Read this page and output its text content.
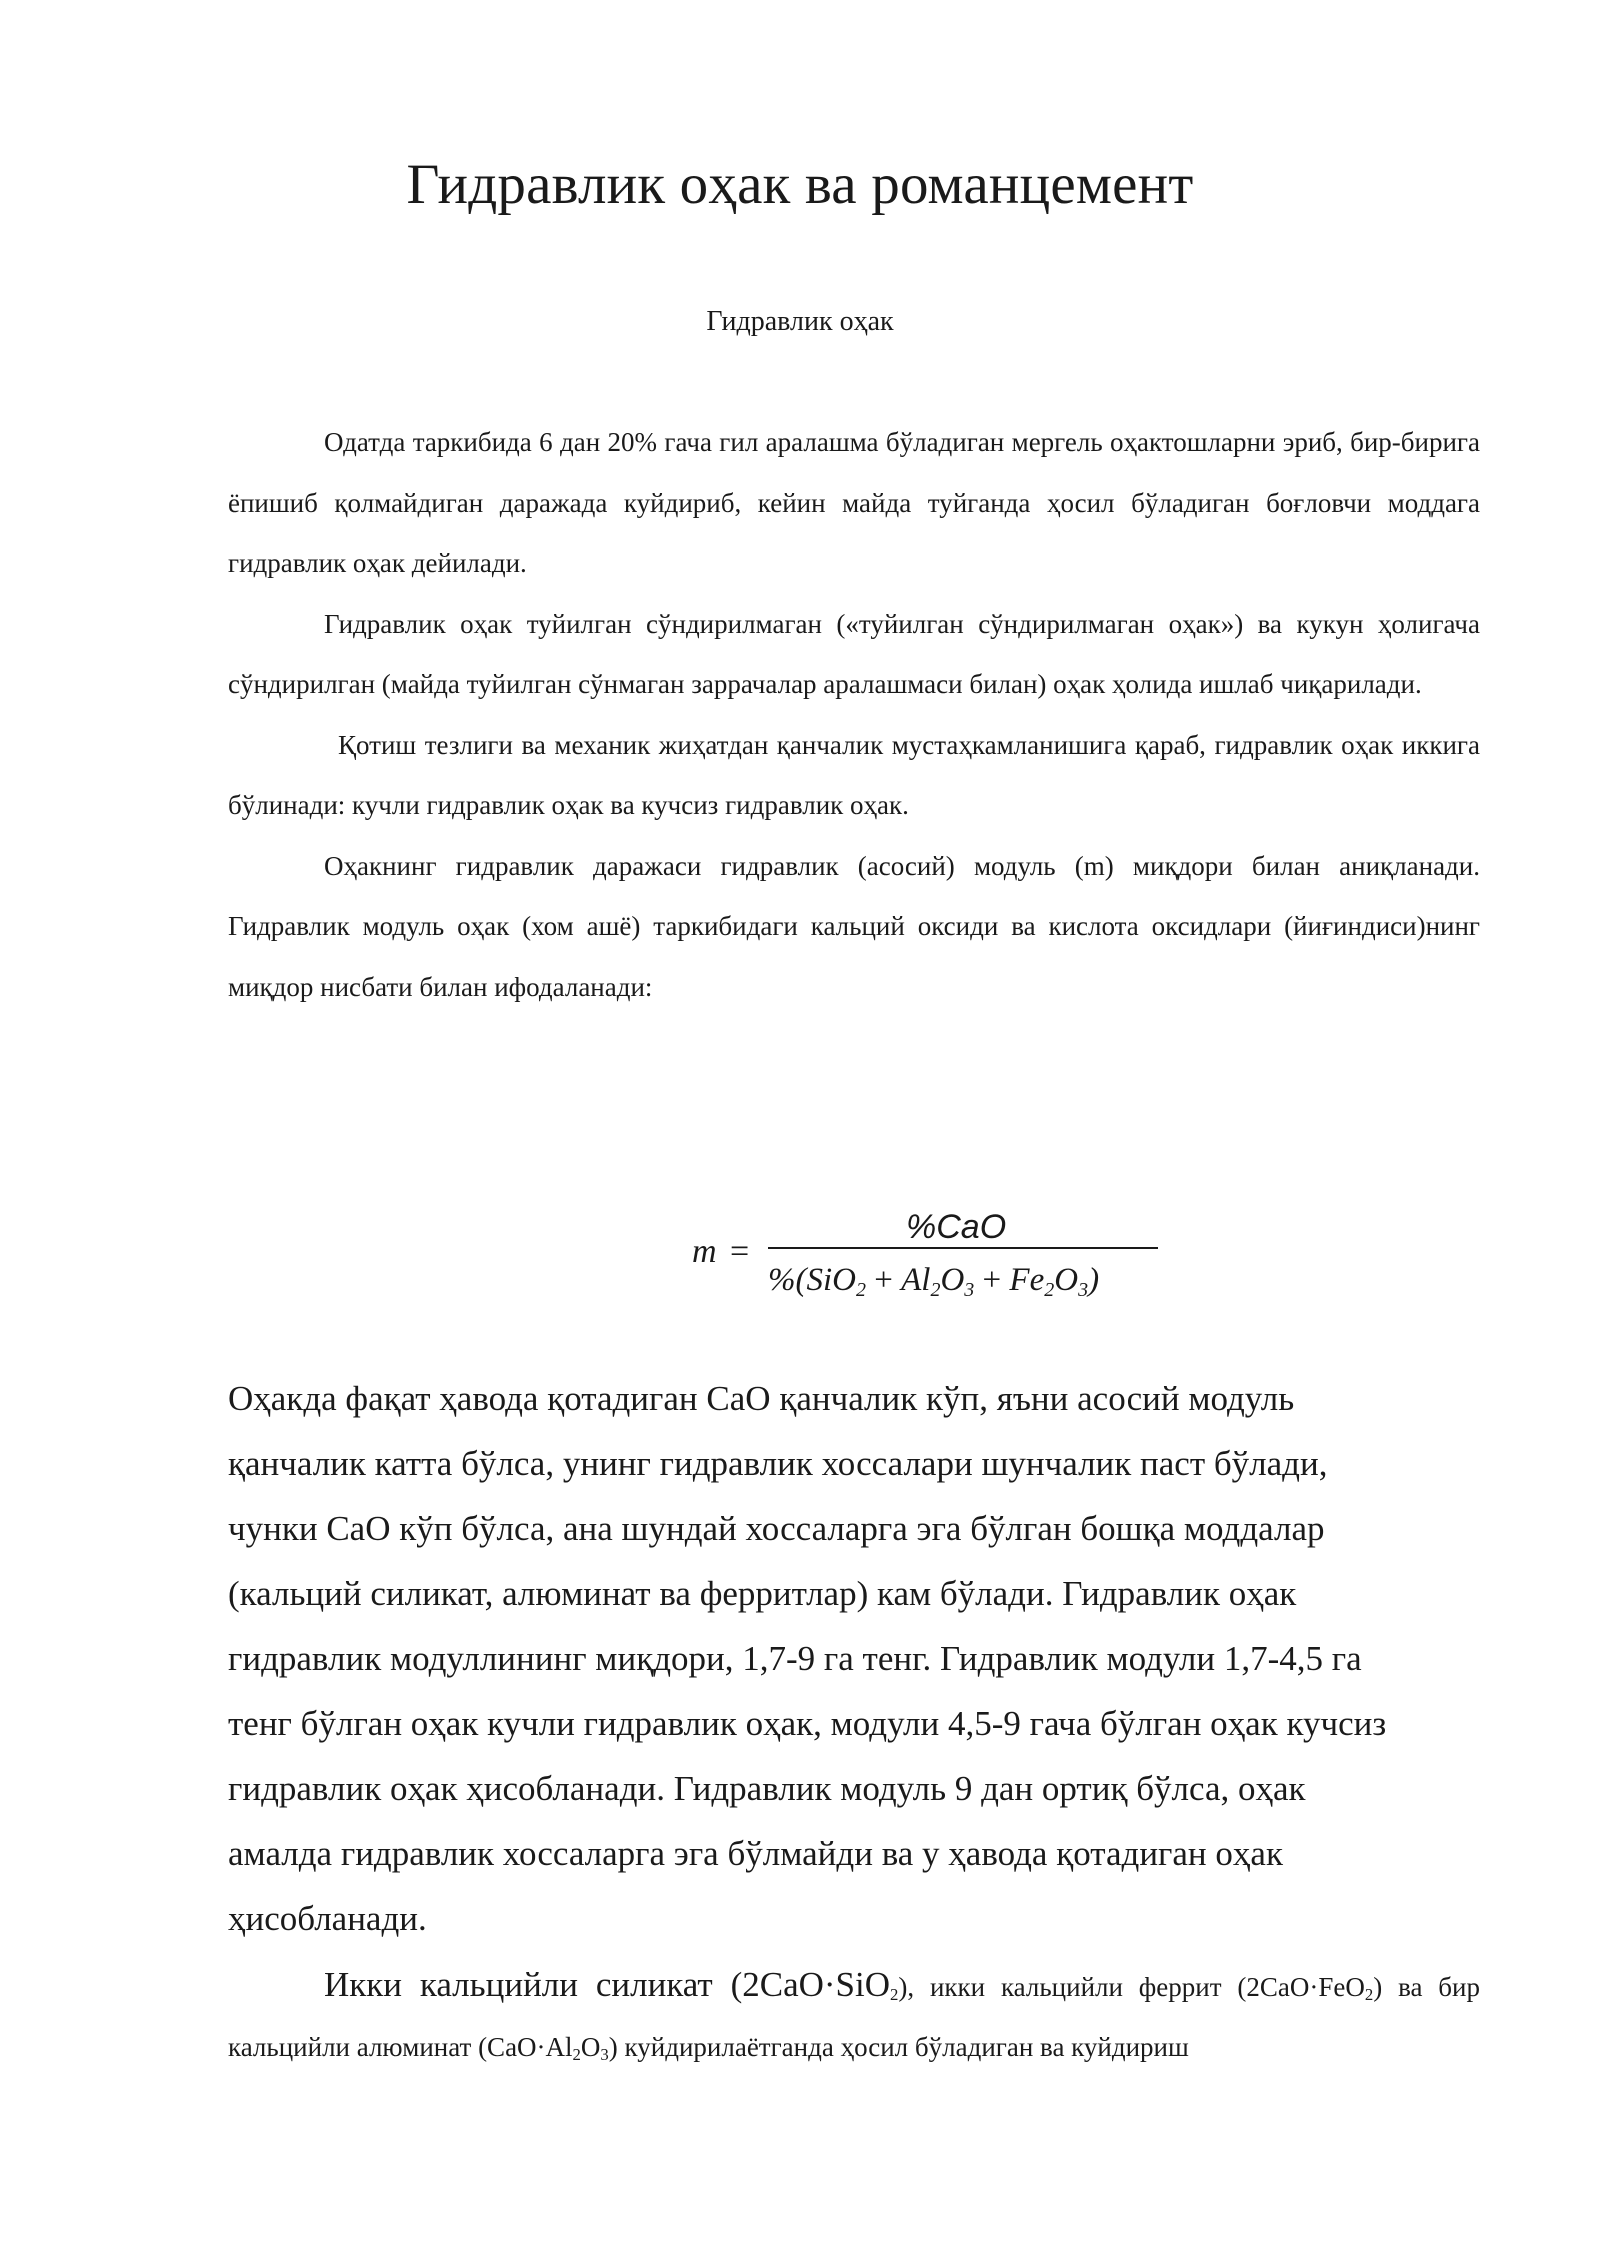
Гидравлик оҳак ва романцемент
Гидравлик оҳак

Одатда таркибида 6 дан 20% гача гил аралашма бўладиган мергель оҳактошларни эриб, бир-бирига ёпишиб қолмайдиган даражада куйдириб, кейин майда туйганда ҳосил бўладиган боғловчи моддага гидравлик оҳак дейилади.

Гидравлик оҳак туйилган сўндирилмаган («туйилган сўндирилмаган оҳак») ва кукун ҳолигача сўндирилган (майда туйилган сўнмаган заррачалар аралашмаси билан) оҳак ҳолида ишлаб чиқарилади.

Қотиш тезлиги ва механик жиҳатдан қанчалик мустаҳкамланишига қараб, гидравлик оҳак иккига бўлинади: кучли гидравлик оҳак ва кучсиз гидравлик оҳак.

Оҳакнинг гидравлик даражаси гидравлик (асосий) модуль (m) миқдори билан аниқланади. Гидравлик модуль оҳак (хом ашё) таркибидаги кальций оксиди ва кислота оксидлари (йиғиндиси)нинг миқдор нисбати билан ифодаланади:

m =
%CaO
%(SiO2 + Al2O3 + Fe2O3)

Оҳакда фақат ҳавода қотадиган CaO қанчалик кўп, яъни асосий модуль

қанчалик катта бўлса, унинг гидравлик хоссалари шунчалик паст бўлади,

чунки CaO кўп бўлса, ана шундай хоссаларга эга бўлган бошқа моддалар

(кальций силикат, алюминат ва ферритлар) кам бўлади. Гидравлик оҳак

гидравлик модуллининг миқдори, 1,7-9 га тенг. Гидравлик модули 1,7-4,5 га

тенг бўлган оҳак кучли гидравлик оҳак, модули 4,5-9 гача бўлган оҳак кучсиз

гидравлик оҳак ҳисобланади. Гидравлик модуль 9 дан ортиқ бўлса, оҳак

амалда гидравлик хоссаларга эга бўлмайди ва у ҳавода қотадиган оҳак

ҳисобланади.

Икки кальцийли силикат (2CaO·SiO$_2$), икки кальцийли феррит (2CaO·FeO$_2$) ва бир кальцийли алюминат $(CaO\cdot Al_2O_3)$ куйдирилаётганда ҳосил бўладиган ва куйдириш
